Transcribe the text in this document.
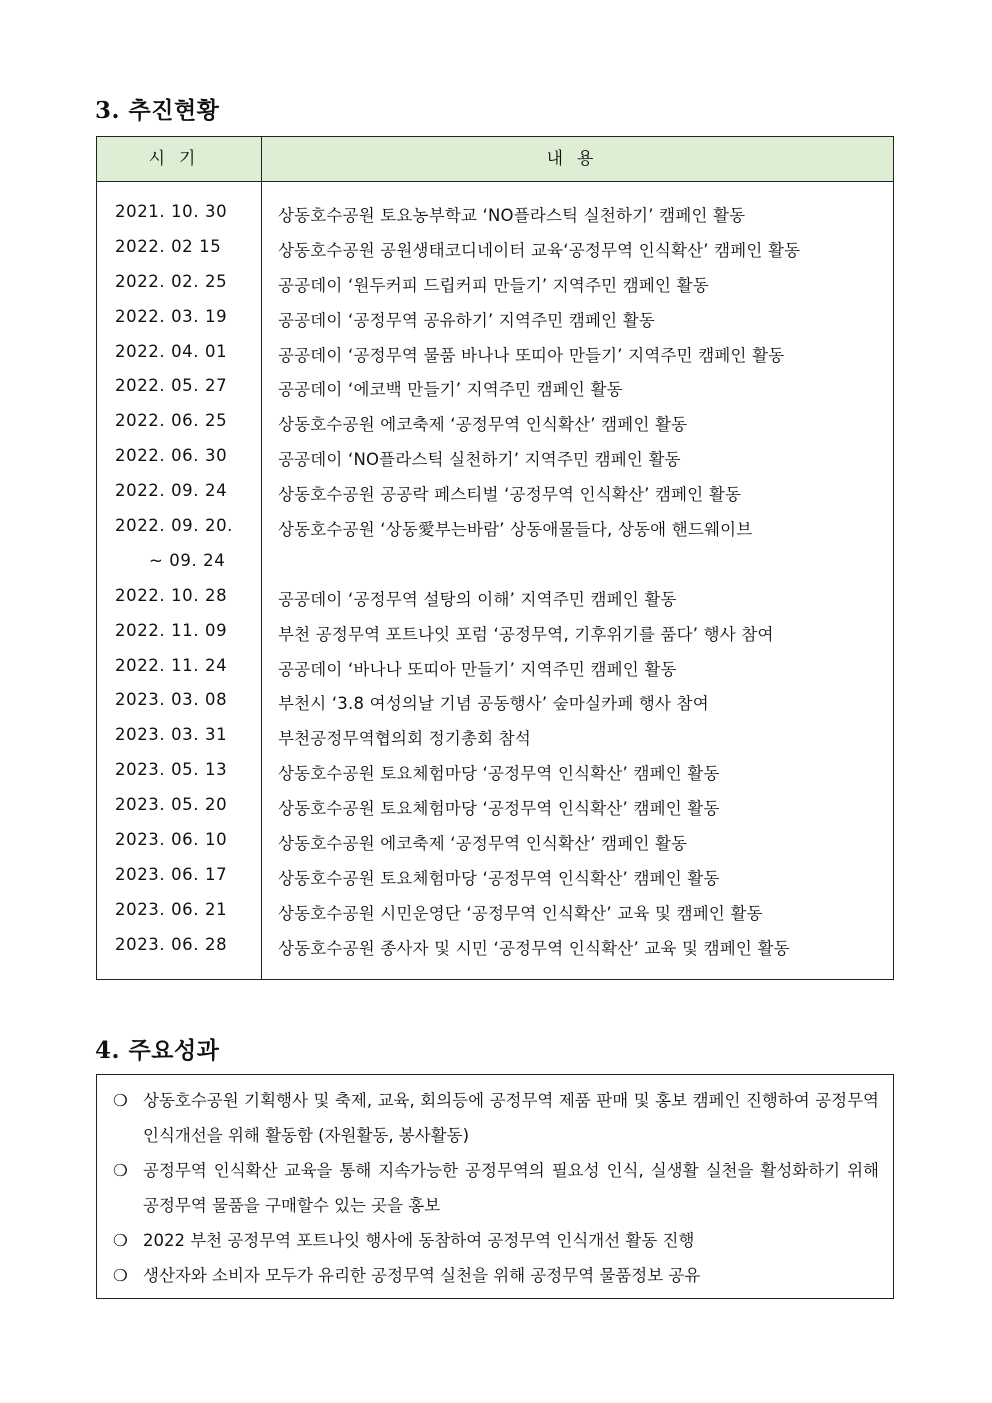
3. 추진현황
시기	내용
2021. 10. 30	상동호수공원 토요농부학교 ‘NO플라스틱 실천하기’ 캠페인 활동
2022. 02 15	상동호수공원 공원생태코디네이터 교육‘공정무역 인식확산’ 캠페인 활동
2022. 02. 25	공공데이 ‘원두커피 드립커피 만들기’ 지역주민 캠페인 활동
2022. 03. 19	공공데이 ‘공정무역 공유하기’ 지역주민 캠페인 활동
2022. 04. 01	공공데이 ‘공정무역 물품 바나나 또띠아 만들기’ 지역주민 캠페인 활동
2022. 05. 27	공공데이 ‘에코백 만들기’ 지역주민 캠페인 활동
2022. 06. 25	상동호수공원 에코축제 ‘공정무역 인식확산’ 캠페인 활동
2022. 06. 30	공공데이 ‘NO플라스틱 실천하기’ 지역주민 캠페인 활동
2022. 09. 24	상동호수공원 공공락 페스티벌 ‘공정무역 인식확산’ 캠페인 활동
2022. 09. 20.	상동호수공원 ‘상동愛부는바람’ 상동애물들다, 상동애 핸드웨이브
~ 09. 24
2022. 10. 28	공공데이 ‘공정무역 설탕의 이해’ 지역주민 캠페인 활동
2022. 11. 09	부천 공정무역 포트나잇 포럼 ‘공정무역, 기후위기를 품다’ 행사 참여
2022. 11. 24	공공데이 ‘바나나 또띠아 만들기’ 지역주민 캠페인 활동
2023. 03. 08	부천시 ‘3.8 여성의날 기념 공동행사’ 숲마실카페 행사 참여
2023. 03. 31	부천공정무역협의회 정기총회 참석
2023. 05. 13	상동호수공원 토요체험마당 ‘공정무역 인식확산’ 캠페인 활동
2023. 05. 20	상동호수공원 토요체험마당 ‘공정무역 인식확산’ 캠페인 활동
2023. 06. 10	상동호수공원 에코축제 ‘공정무역 인식확산’ 캠페인 활동
2023. 06. 17	상동호수공원 토요체험마당 ‘공정무역 인식확산’ 캠페인 활동
2023. 06. 21	상동호수공원 시민운영단 ‘공정무역 인식확산’ 교육 및 캠페인 활동
2023. 06. 28	상동호수공원 종사자 및 시민 ‘공정무역 인식확산’ 교육 및 캠페인 활동
4. 주요성과
❍ 상동호수공원 기획행사 및 축제, 교육, 회의등에 공정무역 제품 판매 및 홍보 캠페인 진행하여 공정무역 인식개선을 위해 활동함 (자원활동, 봉사활동)
❍ 공정무역 인식확산 교육을 통해 지속가능한 공정무역의 필요성 인식, 실생활 실천을 활성화하기 위해 공정무역 물품을 구매할수 있는 곳을 홍보
❍ 2022 부천 공정무역 포트나잇 행사에 동참하여 공정무역 인식개선 활동 진행
❍ 생산자와 소비자 모두가 유리한 공정무역 실천을 위해 공정무역 물품정보 공유
